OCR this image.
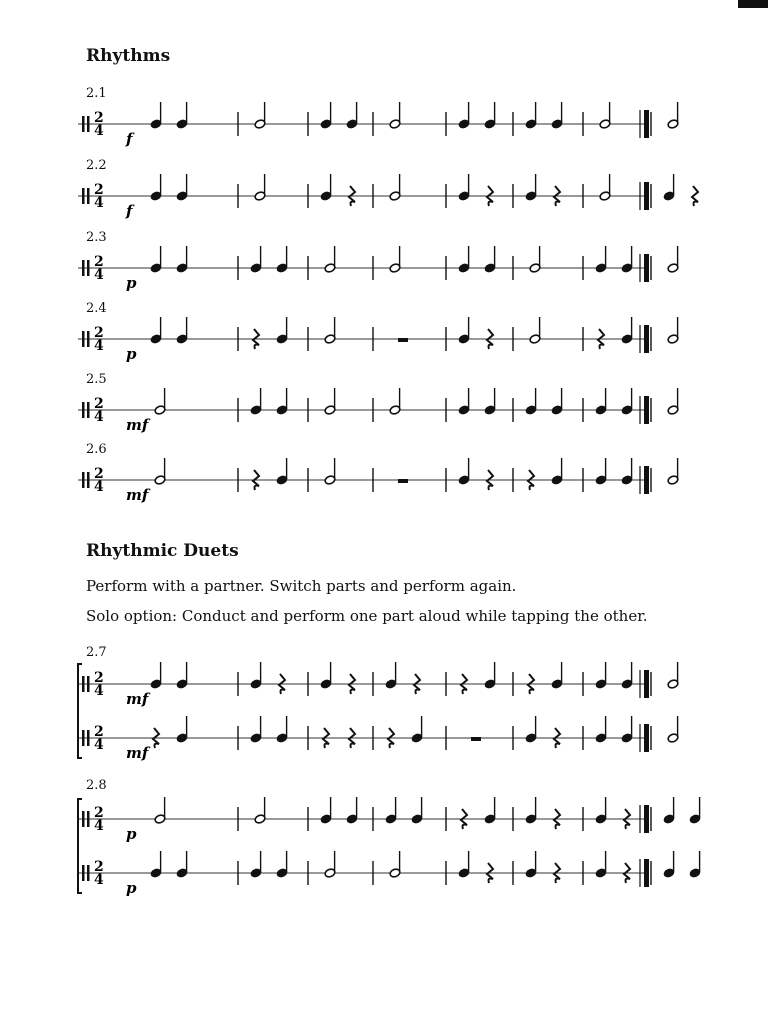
Rhythms
2.1
2
4 f
2.2
2
4 f
2.3
2
4 p
2.4
2
4 p
2.5
2
4 mf
2.6
2
4 mf
Rhythmic Duets

Perform with a partner. Switch parts and perform again.

Solo option: Conduct and perform one part aloud while tapping the other.

2.7
2
4 mf
2
4 mf
2.8
2
4 p
2
4 p
